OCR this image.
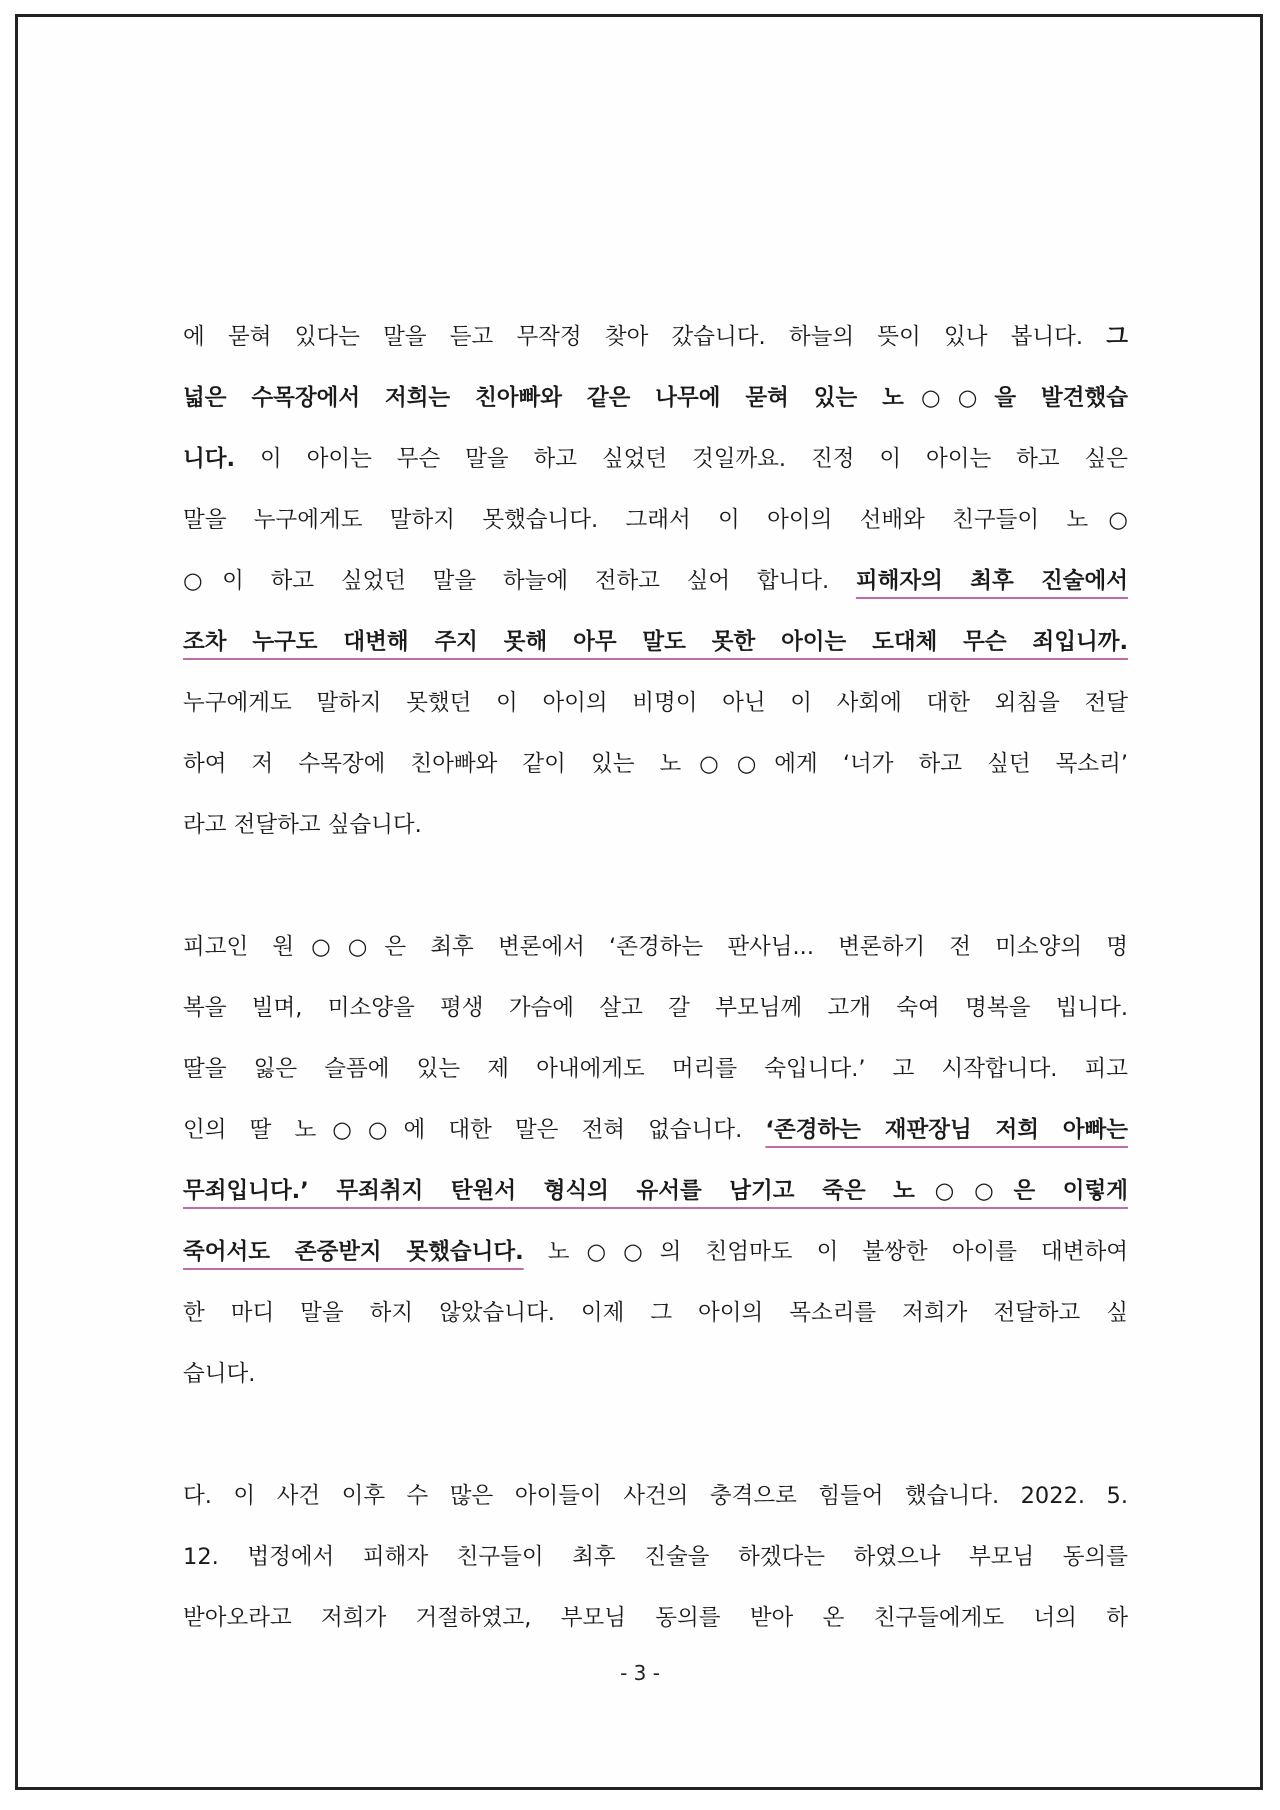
에 묻혀 있다는 말을 듣고 무작정 찾아 갔습니다. 하늘의 뜻이 있나 봅니다. 그
넓은 수목장에서 저희는 친아빠와 같은 나무에 묻혀 있는 노○○을 발견했습
니다. 이 아이는 무슨 말을 하고 싶었던 것일까요. 진정 이 아이는 하고 싶은
말을 누구에게도 말하지 못했습니다. 그래서 이 아이의 선배와 친구들이 노○
○이 하고 싶었던 말을 하늘에 전하고 싶어 합니다. 피해자의 최후 진술에서
조차 누구도 대변해 주지 못해 아무 말도 못한 아이는 도대체 무슨 죄입니까.
누구에게도 말하지 못했던 이 아이의 비명이 아닌 이 사회에 대한 외침을 전달
하여 저 수목장에 친아빠와 같이 있는 노○○에게 ‘너가 하고 싶던 목소리’
라고 전달하고 싶습니다.
피고인 원○○은 최후 변론에서 ‘존경하는 판사님... 변론하기 전 미소양의 명
복을 빌며, 미소양을 평생 가슴에 살고 갈 부모님께 고개 숙여 명복을 빕니다.
딸을 잃은 슬픔에 있는 제 아내에게도 머리를 숙입니다.’ 고 시작합니다. 피고
인의 딸 노○○에 대한 말은 전혀 없습니다. ‘존경하는 재판장님 저희 아빠는
무죄입니다.’ 무죄취지 탄원서 형식의 유서를 남기고 죽은 노○○은 이렇게
죽어서도 존중받지 못했습니다. 노○○의 친엄마도 이 불쌍한 아이를 대변하여
한 마디 말을 하지 않았습니다. 이제 그 아이의 목소리를 저희가 전달하고 싶
습니다.
다. 이 사건 이후 수 많은 아이들이 사건의 충격으로 힘들어 했습니다. 2022. 5.
12. 법정에서 피해자 친구들이 최후 진술을 하겠다는 하였으나 부모님 동의를
받아오라고 저희가 거절하였고, 부모님 동의를 받아 온 친구들에게도 너의 하
- 3 -
